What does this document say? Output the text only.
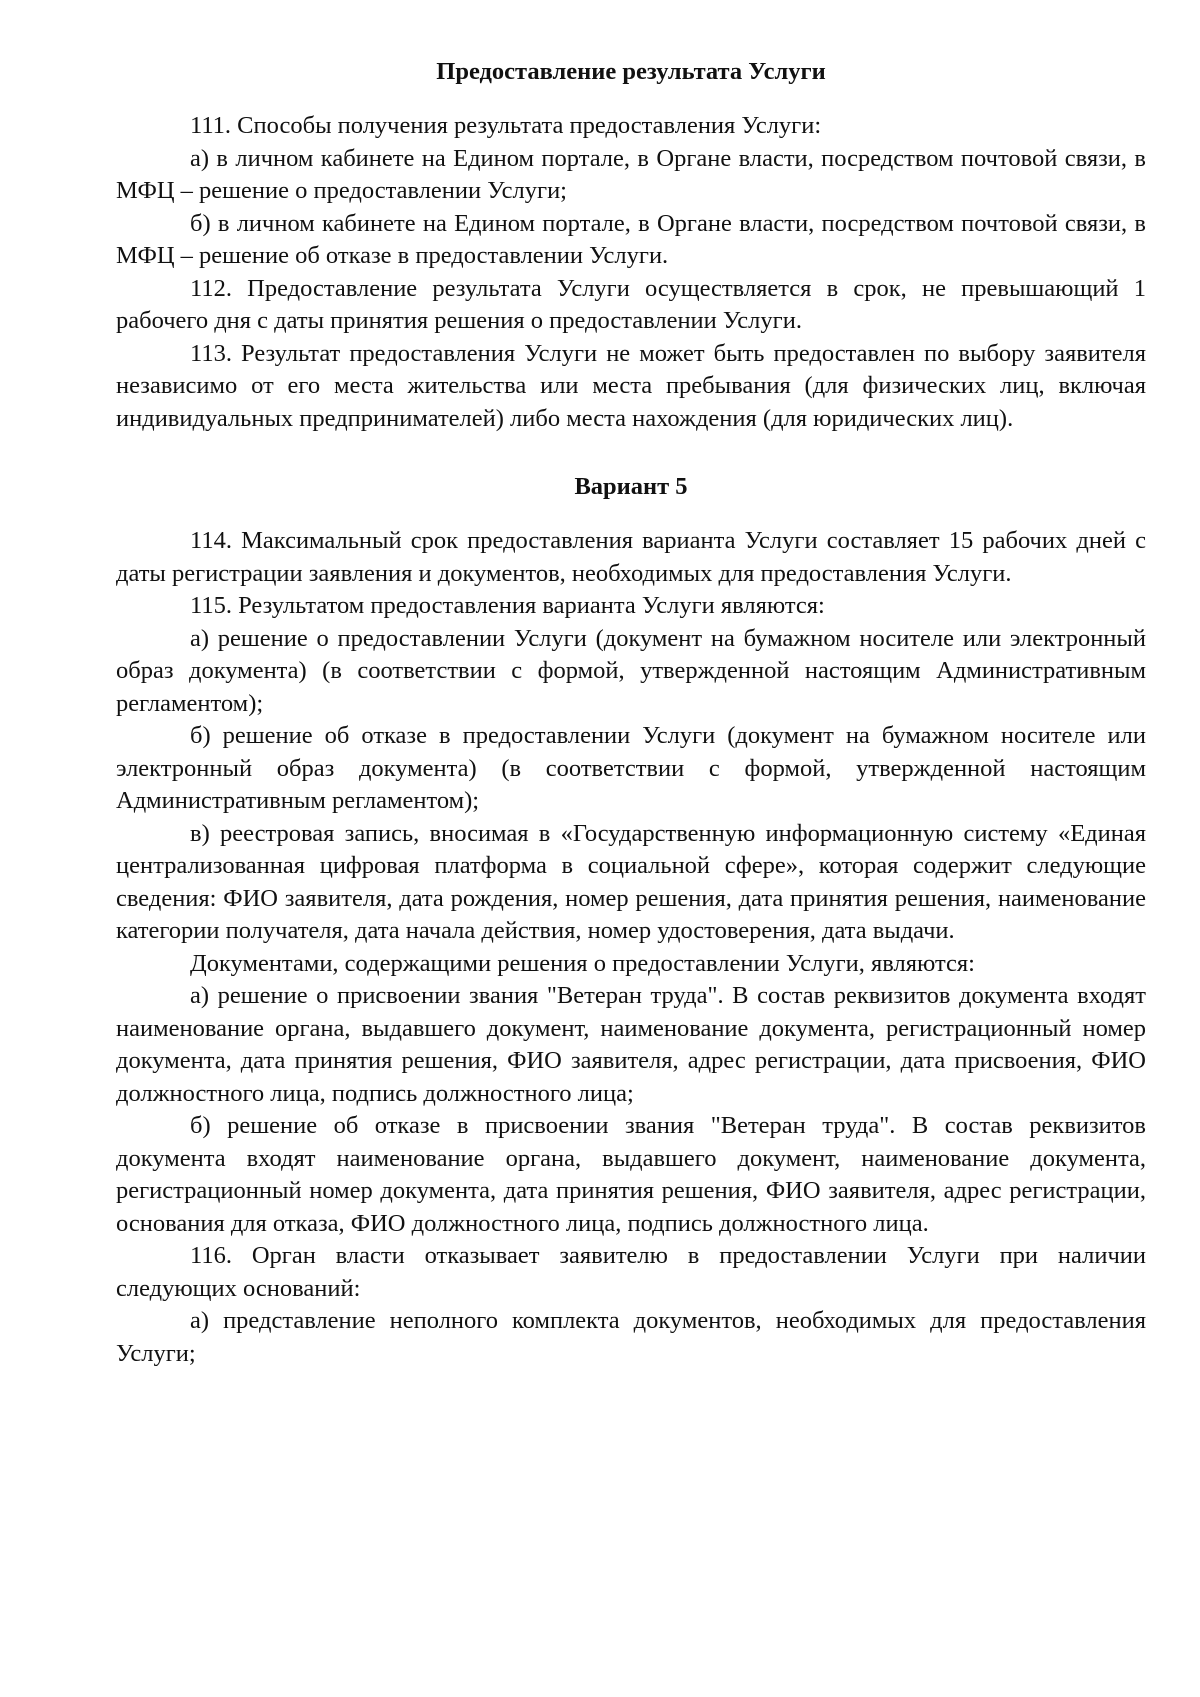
Предоставление результата Услуги

111. Способы получения результата предоставления Услуги:

а) в личном кабинете на Едином портале, в Органе власти, посредством почтовой связи, в МФЦ – решение о предоставлении Услуги;

б) в личном кабинете на Едином портале, в Органе власти, посредством почтовой связи, в МФЦ – решение об отказе в предоставлении Услуги.

112. Предоставление результата Услуги осуществляется в срок, не превышающий 1 рабочего дня с даты принятия решения о предоставлении Услуги.

113. Результат предоставления Услуги не может быть предоставлен по выбору заявителя независимо от его места жительства или места пребывания (для физических лиц, включая индивидуальных предпринимателей) либо места нахождения (для юридических лиц).

Вариант 5

114. Максимальный срок предоставления варианта Услуги составляет 15 рабочих дней с даты регистрации заявления и документов, необходимых для предоставления Услуги.

115. Результатом предоставления варианта Услуги являются:

а) решение о предоставлении Услуги (документ на бумажном носителе или электронный образ документа) (в соответствии с формой, утвержденной настоящим Административным регламентом);

б) решение об отказе в предоставлении Услуги (документ на бумажном носителе или электронный образ документа) (в соответствии с формой, утвержденной настоящим Административным регламентом);

в) реестровая запись, вносимая в «Государственную информационную систему «Единая централизованная цифровая платформа в социальной сфере», которая содержит следующие сведения: ФИО заявителя, дата рождения, номер решения, дата принятия решения, наименование категории получателя, дата начала действия, номер удостоверения, дата выдачи.

Документами, содержащими решения о предоставлении Услуги, являются:

а) решение о присвоении звания "Ветеран труда". В состав реквизитов документа входят наименование органа, выдавшего документ, наименование документа, регистрационный номер документа, дата принятия решения, ФИО заявителя, адрес регистрации, дата присвоения, ФИО должностного лица, подпись должностного лица;

б) решение об отказе в присвоении звания "Ветеран труда". В состав реквизитов документа входят наименование органа, выдавшего документ, наименование документа, регистрационный номер документа, дата принятия решения, ФИО заявителя, адрес регистрации, основания для отказа, ФИО должностного лица, подпись должностного лица.

116. Орган власти отказывает заявителю в предоставлении Услуги при наличии следующих оснований:

а) представление неполного комплекта документов, необходимых для предоставления Услуги;
